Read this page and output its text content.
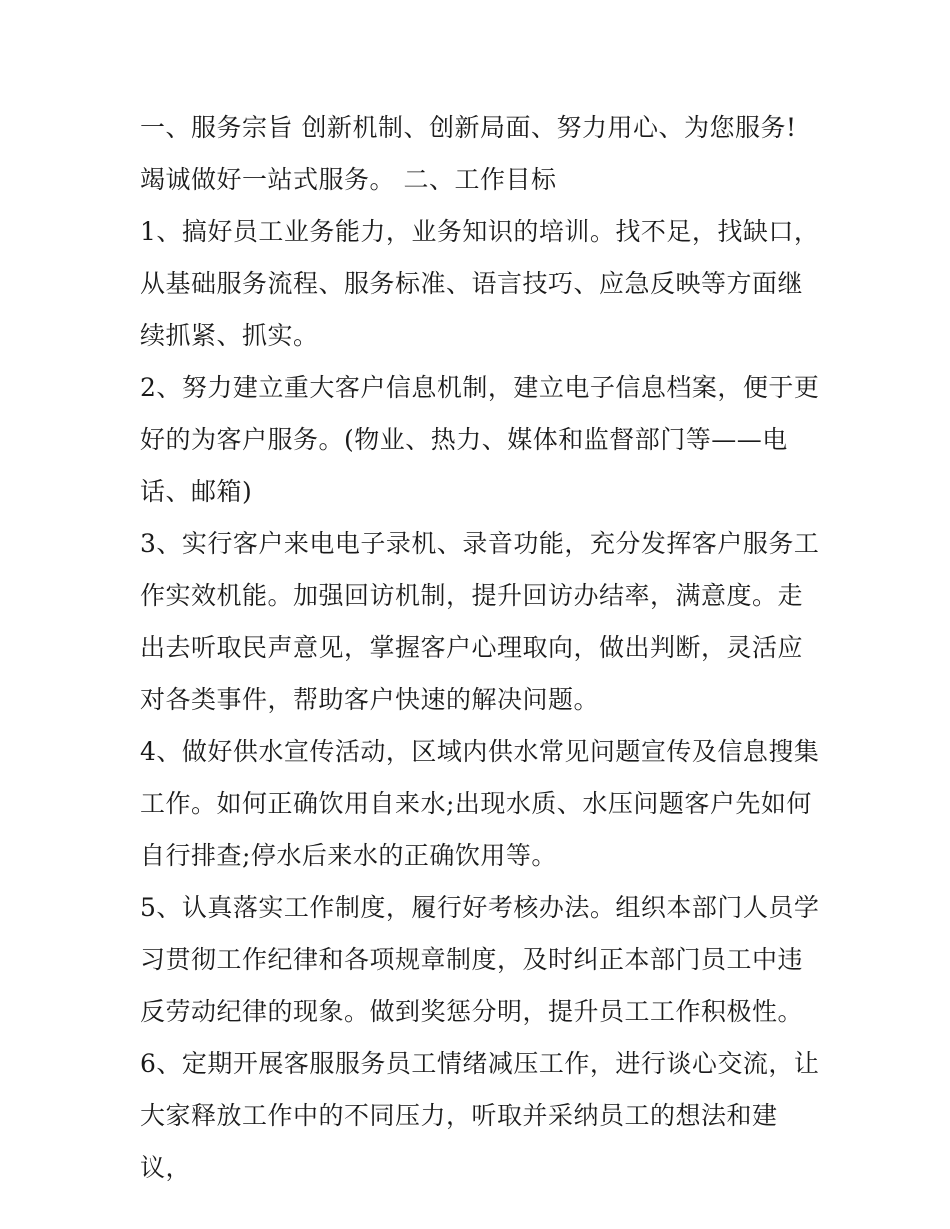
一、服务宗旨 创新机制、创新局面、努力用心、为您服务!竭诚做好一站式服务。 二、工作目标

1、搞好员工业务能力，业务知识的培训。找不足，找缺口，从基础服务流程、服务标准、语言技巧、应急反映等方面继续抓紧、抓实。

2、努力建立重大客户信息机制，建立电子信息档案，便于更好的为客户服务。(物业、热力、媒体和监督部门等——电话、邮箱)

3、实行客户来电电子录机、录音功能，充分发挥客户服务工作实效机能。加强回访机制，提升回访办结率，满意度。走出去听取民声意见，掌握客户心理取向，做出判断，灵活应对各类事件，帮助客户快速的解决问题。

4、做好供水宣传活动，区域内供水常见问题宣传及信息搜集工作。如何正确饮用自来水;出现水质、水压问题客户先如何自行排查;停水后来水的正确饮用等。

5、认真落实工作制度，履行好考核办法。组织本部门人员学习贯彻工作纪律和各项规章制度，及时纠正本部门员工中违反劳动纪律的现象。做到奖惩分明，提升员工工作积极性。

6、定期开展客服服务员工情绪减压工作，进行谈心交流，让大家释放工作中的不同压力，听取并采纳员工的想法和建议，
